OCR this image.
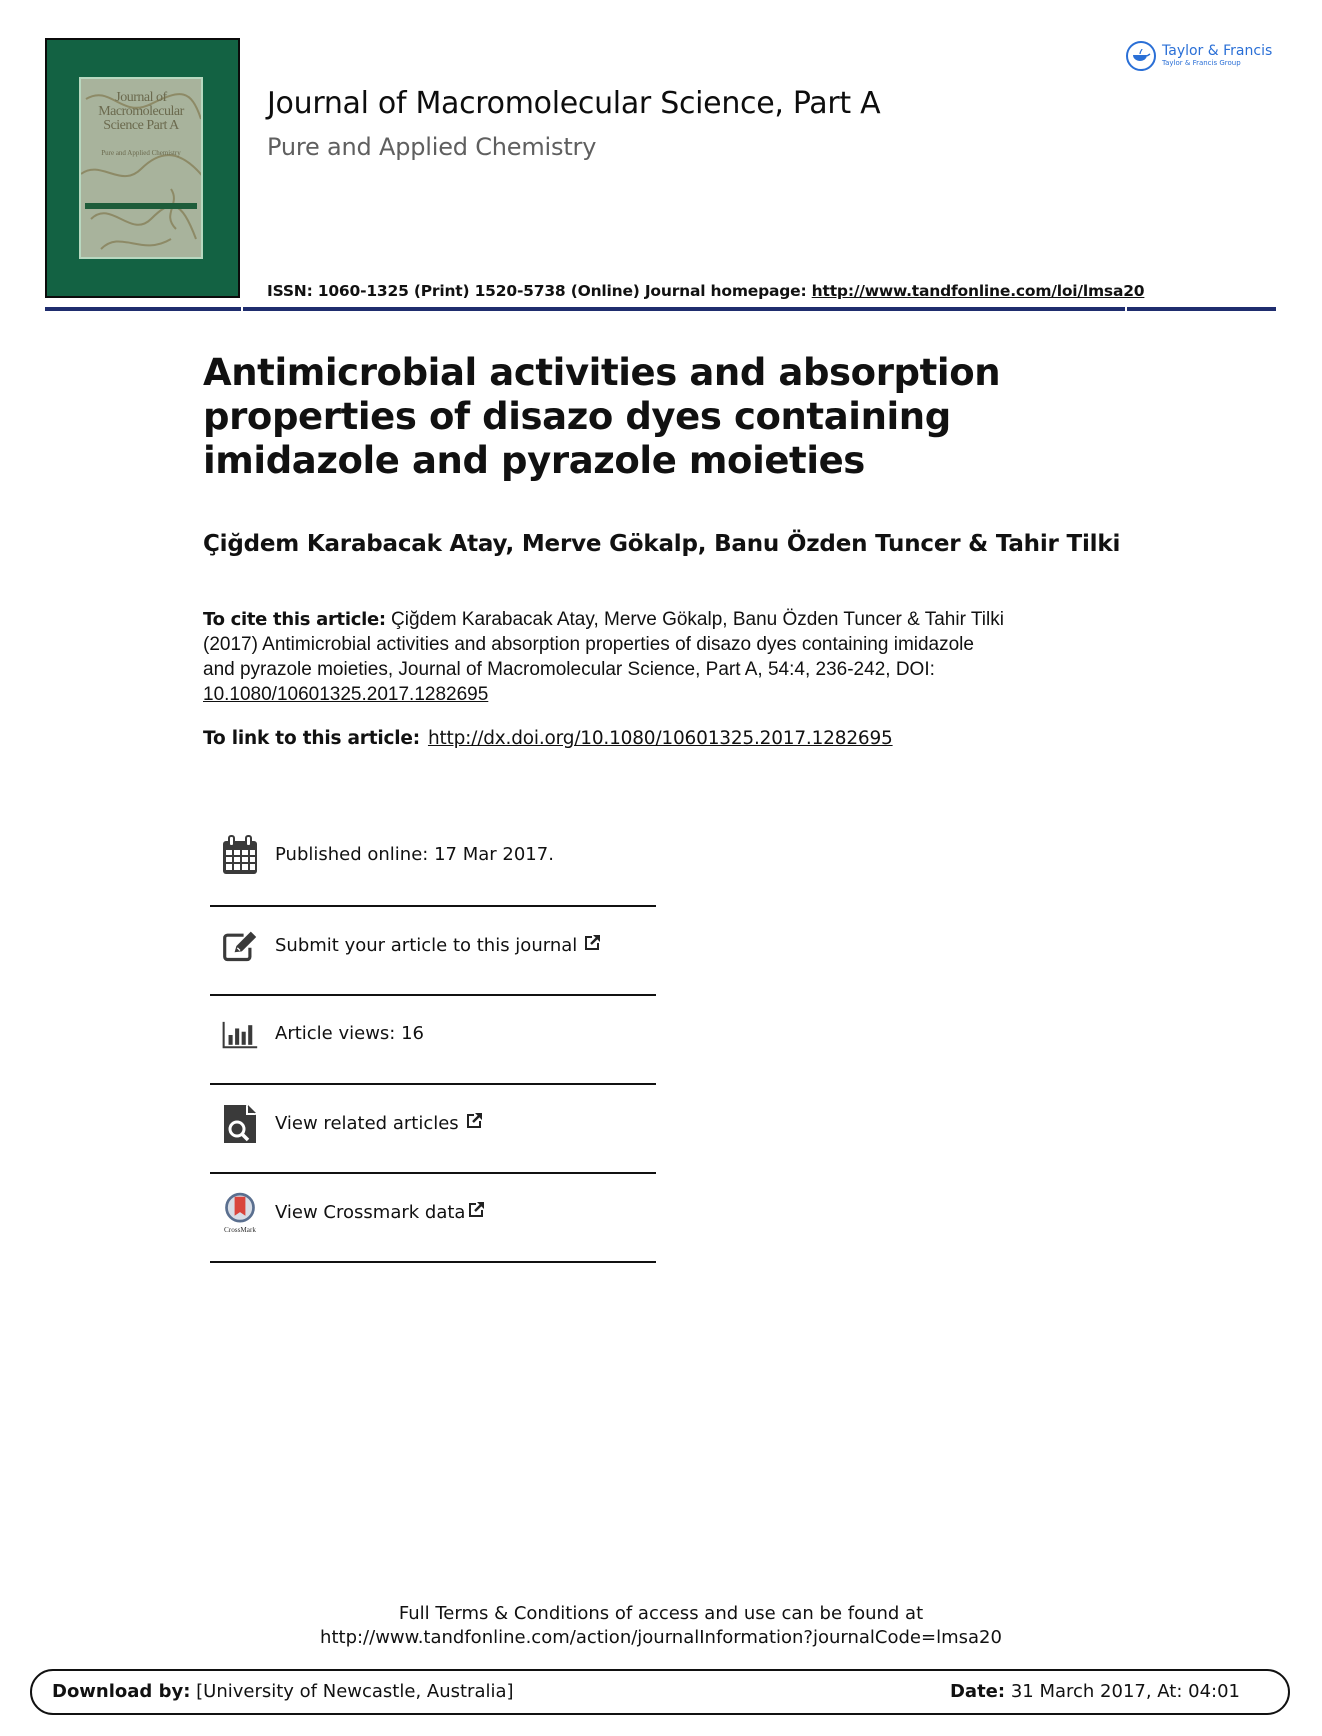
Journal of
Macromolecular
Science Part A
Pure and Applied Chemistry
Taylor & Francis
Taylor & Francis Group
Journal of Macromolecular Science, Part A
Pure and Applied Chemistry
ISSN: 1060-1325 (Print) 1520-5738 (Online) Journal homepage: http://www.tandfonline.com/loi/lmsa20
Antimicrobial activities and absorption properties of disazo dyes containing imidazole and pyrazole moieties
Çiğdem Karabacak Atay, Merve Gökalp, Banu Özden Tuncer & Tahir Tilki
To cite this article: Çiğdem Karabacak Atay, Merve Gökalp, Banu Özden Tuncer & Tahir Tilki
(2017) Antimicrobial activities and absorption properties of disazo dyes containing imidazole
and pyrazole moieties, Journal of Macromolecular Science, Part A, 54:4, 236-242, DOI:
10.1080/10601325.2017.1282695
To link to this article: http://dx.doi.org/10.1080/10601325.2017.1282695
Published online: 17 Mar 2017.
Submit your article to this journal
Article views: 16
View related articles
CrossMark
View Crossmark data
Full Terms & Conditions of access and use can be found at
http://www.tandfonline.com/action/journalInformation?journalCode=lmsa20
Download by: [University of Newcastle, Australia]	Date: 31 March 2017, At: 04:01
